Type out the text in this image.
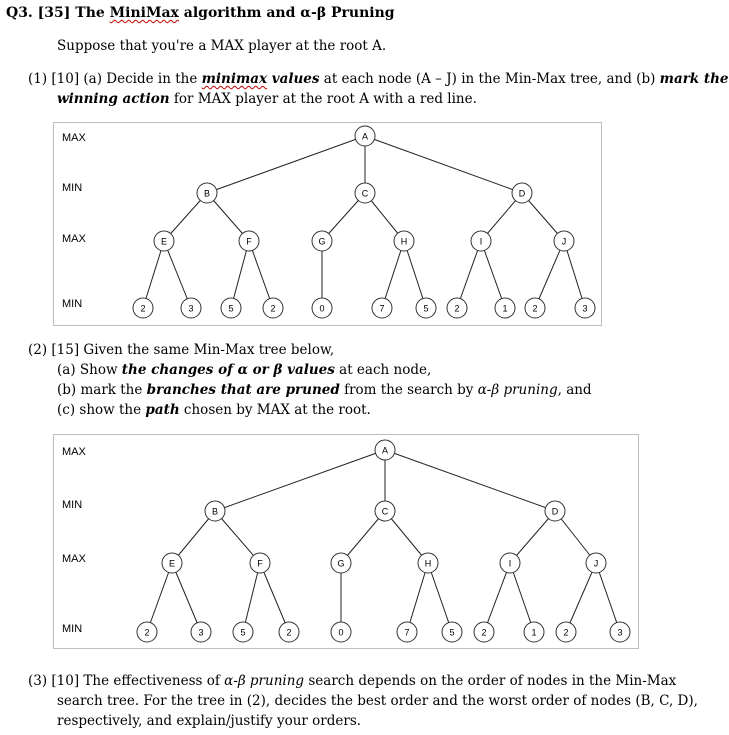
Q3. [35] The MiniMax algorithm and α-β Pruning
Suppose that you're a MAX player at the root A.
(1) [10] (a) Decide in the minimax values at each node (A – J) in the Min-Max tree, and (b) mark the
winning action for MAX player at the root A with a red line.
MAX
MIN
MAX
MIN
A
B	C	D
E	F	G	H	I	J
2	3	5	2	0	7	5	2	1	2	3
(2) [15] Given the same Min-Max tree below,
(a) Show the changes of α or β values at each node,
(b) mark the branches that are pruned from the search by α-β pruning, and
(c) show the path chosen by MAX at the root.
MAX
MIN
MAX
MIN
A
B	C	D
E	F	G	H	I	J
2	3	5	2	0	7	5	2	1	2	3
(3) [10] The effectiveness of α-β pruning search depends on the order of nodes in the Min-Max
search tree. For the tree in (2), decides the best order and the worst order of nodes (B, C, D),
respectively, and explain/justify your orders.
